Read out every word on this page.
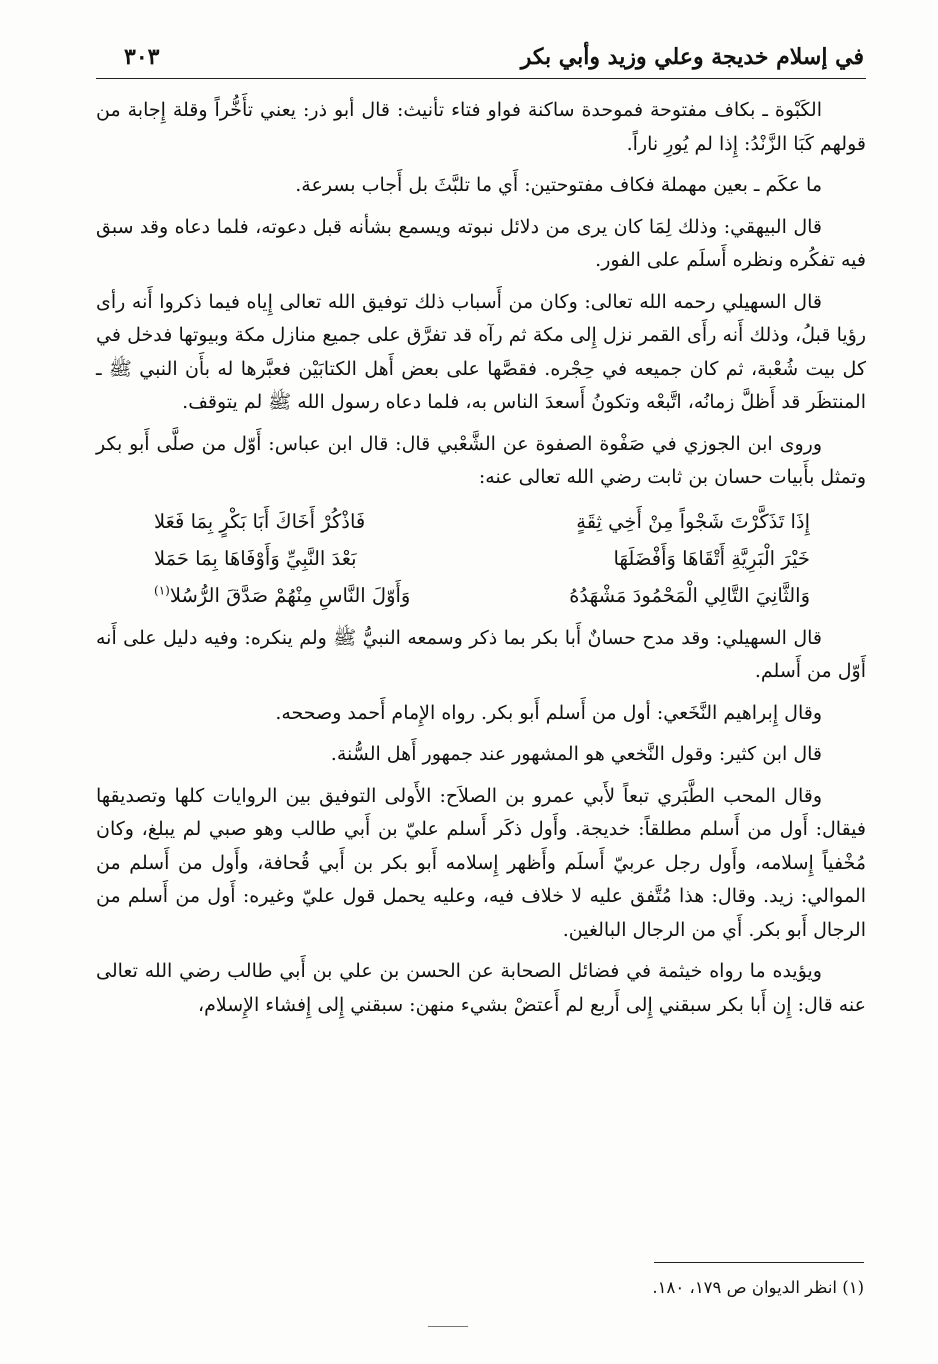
في إسلام خديجة وعلي وزيد وأبي بكر
٣٠٣

الكَبْوة ـ بكاف مفتوحة فموحدة ساكنة فواو فتاء تأنيث: قال أبو ذر: يعني تأَخُّراً وقلة إِجابة من قولهم كَبَا الزَّنْدُ: إِذا لم يُورِ ناراً.

ما عكَم ـ بعين مهملة فكاف مفتوحتين: أَي ما تلبَّثَ بل أَجاب بسرعة.

قال البيهقي: وذلك لِمَا كان يرى من دلائل نبوته ويسمع بشأنه قبل دعوته، فلما دعاه وقد سبق فيه تفكُره ونظره أَسلَم على الفور.

قال السهيلي رحمه الله تعالى: وكان من أَسباب ذلك توفيق الله تعالى إِياه فيما ذكروا أَنه رأى رؤيا قبلُ، وذلك أَنه رأَى القمر نزل إِلى مكة ثم رآه قد تفرَّق على جميع منازل مكة وبيوتها فدخل في كل بيت شُعْبة، ثم كان جميعه في حِجْره. فقصَّها على بعض أَهل الكتابَيْن فعبَّرها له بأَن النبي ﷺ ـ المنتظَر قد أَظلَّ زمانُه، اتَّبعْه وتكونُ أَسعدَ الناس به، فلما دعاه رسول الله ﷺ لم يتوقف.

وروى ابن الجوزي في صَفْوة الصفوة عن الشَّعْبي قال: قال ابن عباس: أَوّل من صلَّى أَبو بكر وتمثل بأَبيات حسان بن ثابت رضي الله تعالى عنه:

إِذَا تَذَكَّرْتَ شَجْواً مِنْ أَخِي ثِقَةٍ
فَاذْكُرْ أَخَاكَ أَبَا بَكْرٍ بِمَا فَعَلا
خَيْرَ الْبَرِيَّةِ أَتْقَاهَا وَأَفْضَلَهَا
بَعْدَ النَّبِيِّ وَأَوْفَاهَا بِمَا حَمَلا
وَالثَّانِيَ التَّالِي الْمَحْمُودَ مَشْهَدُهُ
وَأَوّلَ النَّاسِ مِنْهُمْ صَدَّقَ الرُّسُلا$^{(١)}$

قال السهيلي: وقد مدح حسانٌ أَبا بكر بما ذكر وسمعه النبيُّ ﷺ ولم ينكره: وفيه دليل على أَنه أَوّل من أَسلم.

وقال إِبراهيم النَّخَعي: أول من أَسلم أَبو بكر. رواه الإِمام أَحمد وصححه.

قال ابن كثير: وقول النَّخعي هو المشهور عند جمهور أَهل السُّنة.

وقال المحب الطَّبَري تبعاً لأَبي عمرو بن الصلاَح: الأَولى التوفيق بين الروايات كلها وتصديقها فيقال: أَول من أَسلم مطلقاً: خديجة. وأَول ذكَر أَسلم عليّ بن أَبي طالب وهو صبي لم يبلغ، وكان مُخْفياً إِسلامه، وأَول رجل عربيّ أَسلَم وأَظهر إِسلامه أَبو بكر بن أَبي قُحافة، وأَول من أَسلم من الموالي: زيد. وقال: هذا مُتَّفق عليه لا خلاف فيه، وعليه يحمل قول عليّ وغيره: أَول من أَسلم من الرجال أَبو بكر. أَي من الرجال البالغين.

ويؤيده ما رواه خيثمة في فضائل الصحابة عن الحسن بن علي بن أَبي طالب رضي الله تعالى عنه قال: إِن أَبا بكر سبقني إِلى أَربع لم أَعتضْ بشيء منهن: سبقني إِلى إِفشاء الإِسلام،

(١) انظر الديوان ص ١٧٩، ١٨٠.
